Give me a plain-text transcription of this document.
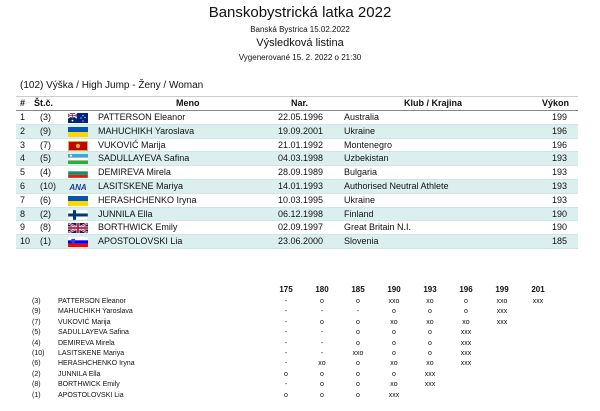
Banskobystrická latka 2022
Banská Bystrica 15.02.2022
Výsledková listina
Vygenerované 15. 2. 2022 o 21:30
(102) Výška / High Jump - Ženy / Woman
# Št.č.	Meno	Nar.	Klub / Krajina	Výkon
1 (3)	PATTERSON Eleanor	22.05.1996 Australia	199
2 (9)	MAHUCHIKH Yaroslava	19.09.2001 Ukraine	196
3 (7)	VUKOVIĆ Marija	21.01.1992 Montenegro	196
4 (5)	SADULLAYEVA Safina	04.03.1998 Uzbekistan	193
5 (4)	DEMIREVA Mirela	28.09.1989 Bulgaria	193
6 (10) ANA LASITSKENE Mariya	14.01.1993 Authorised Neutral Athlete	193
7 (6)	HERASHCHENKO Iryna	10.03.1995 Ukraine	193
8 (2)	JUNNILA Ella	06.12.1998 Finland	190
9 (8)	BORTHWICK Emily	02.09.1997 Great Britain N.I.	190
10 (1)	APOSTOLOVSKI Lia	23.06.2000 Slovenia	185
175	180	185	190	193	196	199	201
(3) PATTERSON Eleanor	-	o	o	xxo	xo	o	xxo	xxx
(9) MAHUCHIKH Yaroslava	-	-	-	o	o	o	xxx
(7) VUKOVIĆ Marija	-	o	o	xo	xo	xo	xxx
(5) SADULLAYEVA Safina	-	-	o	o	o	xxx
(4) DEMIREVA Mirela	-	-	o	o	o	xxx
(10) LASITSKENE Mariya	-	-	xxo	o	o	xxx
(6) HERASHCHENKO Iryna	-	xo	o	xo	xo	xxx
(2) JUNNILA Ella	o	o	o	o	xxx
(8) BORTHWICK Emily	-	o	o	xo	xxx
(1) APOSTOLOVSKI Lia	o	o	o	xxx
